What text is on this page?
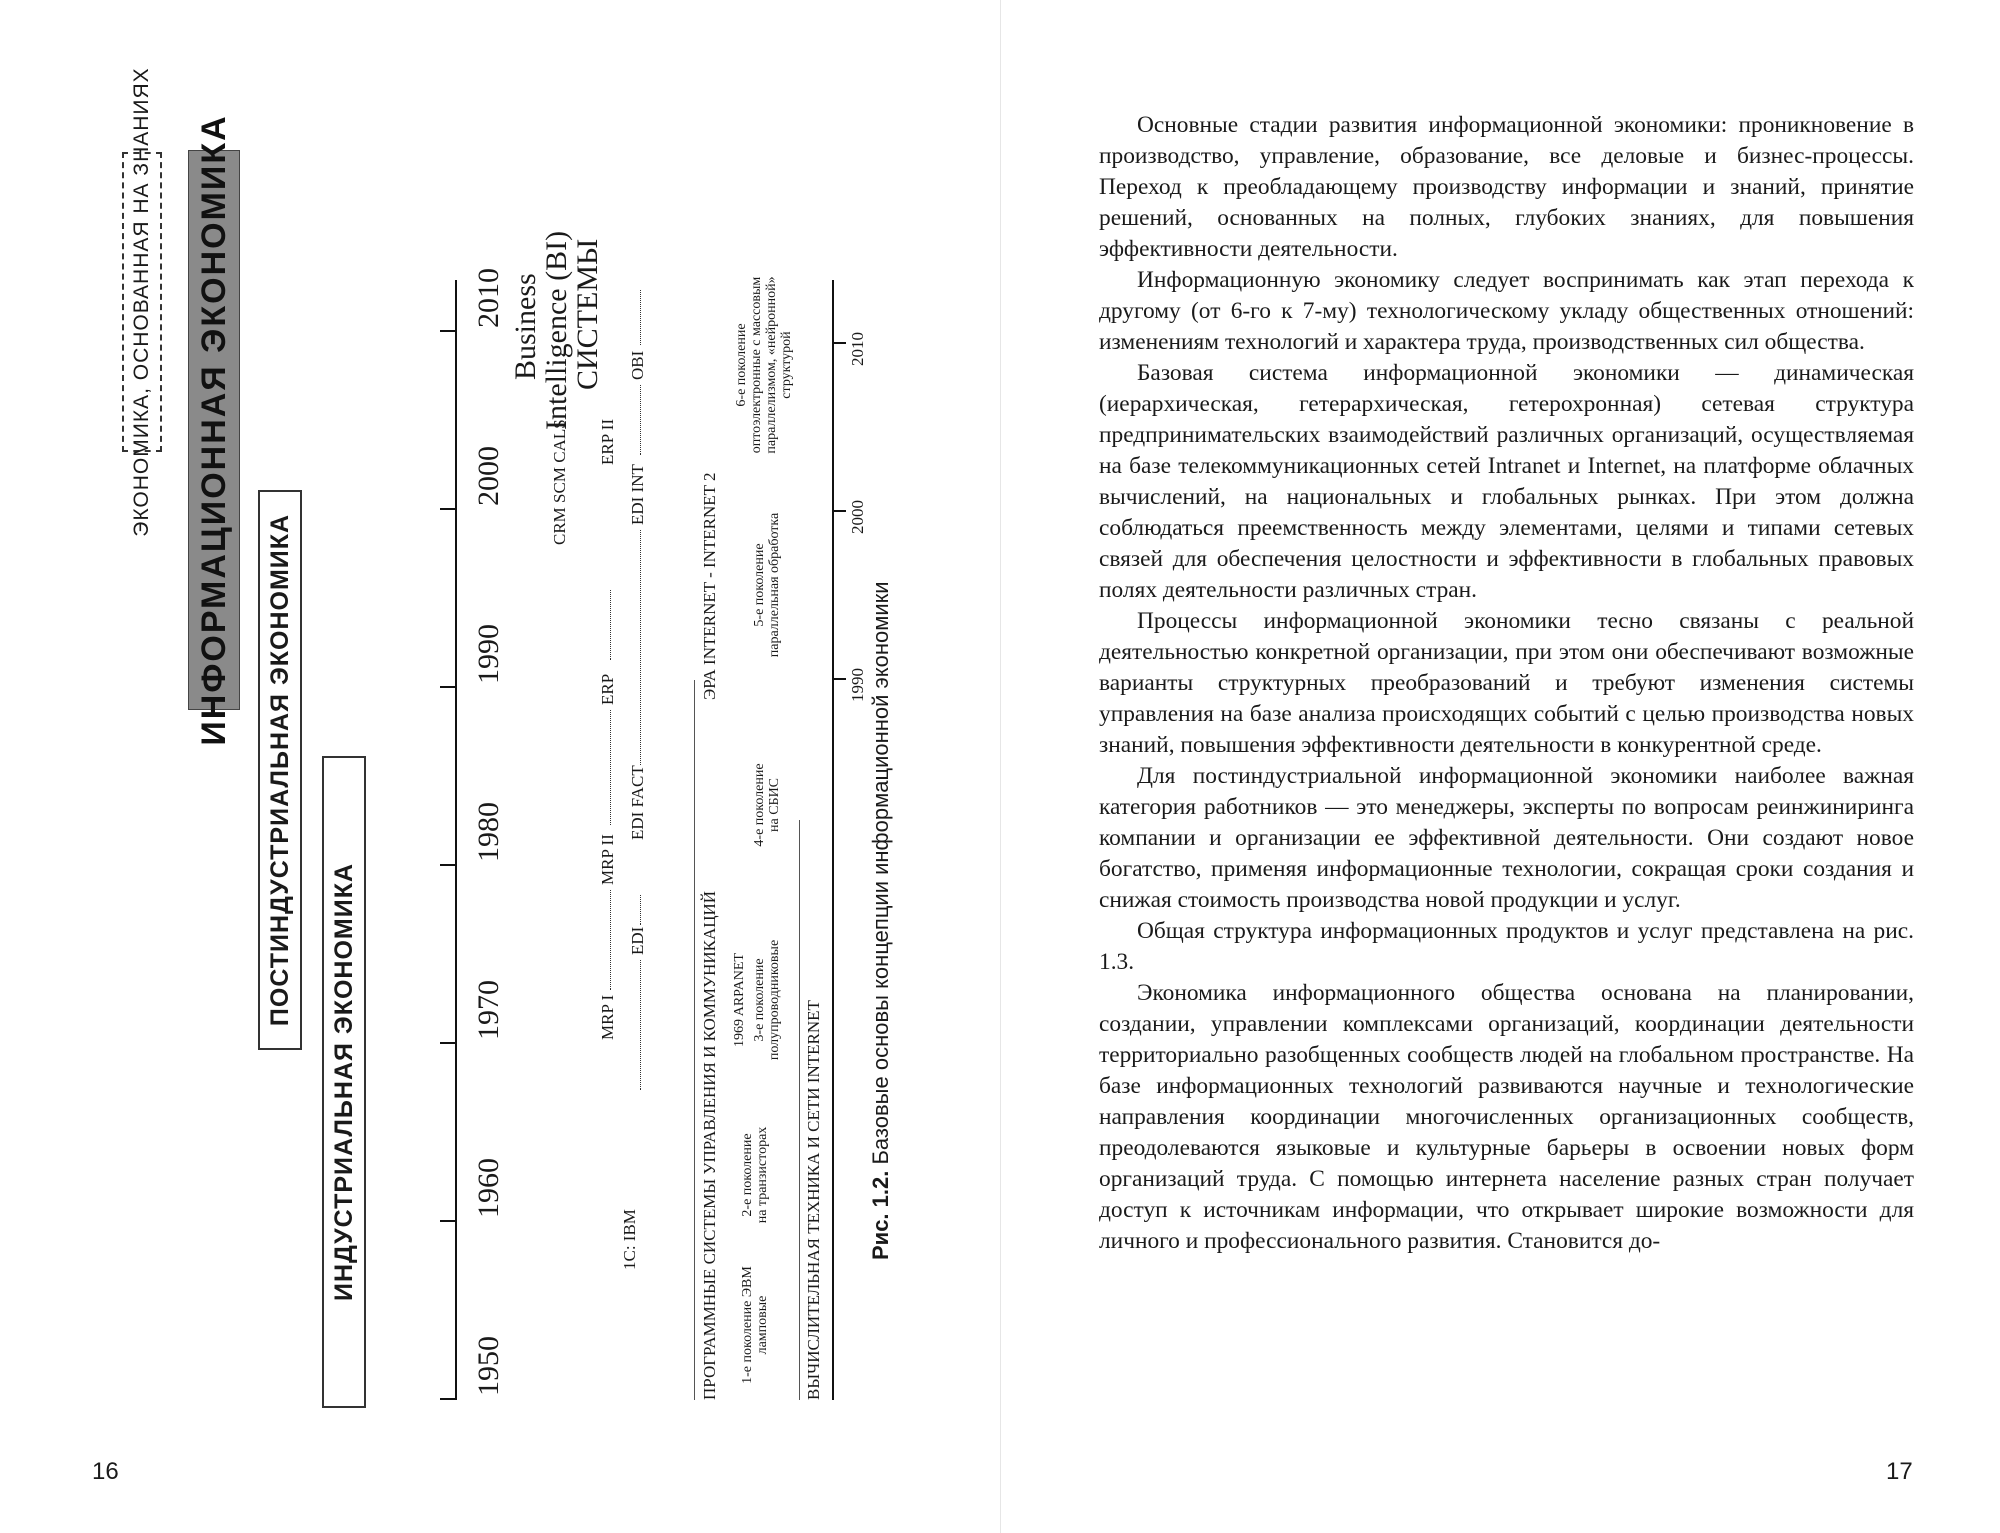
ЭКОНОМИКА, ОСНОВАННАЯ НА ЗНАНИЯХ ИНФОРМАЦИОННАЯ ЭКОНОМИКА
ПОСТИНДУСТРИАЛЬНАЯ ЭКОНОМИКА
ИНДУСТРИАЛЬНАЯ ЭКОНОМИКА
1950
1960
1970
1980
1990
2000
2010
1С: IBM
MRP I
MRP II
ERP
CRM SCM CALS ERP II
Business
Intelligence (BI)
СИСТЕМЫ
EDI
EDI FACT
EDI INT
OBI
ПРОГРАММНЫЕ СИСТЕМЫ УПРАВЛЕНИЯ И КОММУНИКАЦИЙ
ЭРА INTERNET - INTERNET 2
1-е поколение ЭВМ ламповые
2-е поколение на транзисторах
1969 ARPANET 3-е поколение полупроводниковые
4-е поколение на СБИС
5-е поколение параллельная обработка
6-е поколение оптоэлектронные с массовым параллелизмом, «нейронной» структурой
ВЫЧИСЛИТЕЛЬНАЯ ТЕХНИКА И СЕТИ INTERNET
1990
2000
2010
Рис. 1.2. Базовые основы концепции информационной экономики
16

Основные стадии развития информационной экономики: проникновение в производство, управление, образование, все деловые и бизнес-процессы. Переход к преобладающему производству информации и знаний, принятие решений, основанных на полных, глубоких знаниях, для повышения эффективности деятельности.

Информационную экономику следует воспринимать как этап перехода к другому (от 6-го к 7-му) технологическому укладу общественных отношений: изменениям технологий и характера труда, производственных сил общества.

Базовая система информационной экономики — динамическая (иерархическая, гетерархическая, гетерохронная) сетевая структура предпринимательских взаимодействий различных организаций, осуществляемая на базе телекоммуникационных сетей Intranet и Internet, на платформе облачных вычислений, на национальных и глобальных рынках. При этом должна соблюдаться преемственность между элементами, целями и типами сетевых связей для обеспечения целостности и эффективности в глобальных правовых полях деятельности различных стран.

Процессы информационной экономики тесно связаны с реальной деятельностью конкретной организации, при этом они обеспечивают возможные варианты структурных преобразований и требуют изменения системы управления на базе анализа происходящих событий с целью производства новых знаний, повышения эффективности деятельности в конкурентной среде.

Для постиндустриальной информационной экономики наиболее важная категория работников — это менеджеры, эксперты по вопросам реинжиниринга компании и организации ее эффективной деятельности. Они создают новое богатство, применяя информационные технологии, сокращая сроки создания и снижая стоимость производства новой продукции и услуг.

Общая структура информационных продуктов и услуг представлена на рис. 1.3.

Экономика информационного общества основана на планировании, создании, управлении комплексами организаций, координации деятельности территориально разобщенных сообществ людей на глобальном пространстве. На базе информационных технологий развиваются научные и технологические направления координации многочисленных организационных сообществ, преодолеваются языковые и культурные барьеры в освоении новых форм организаций труда. С помощью интернета население разных стран получает доступ к источникам информации, что открывает широкие возможности для личного и профессионального развития. Становится до-

17
